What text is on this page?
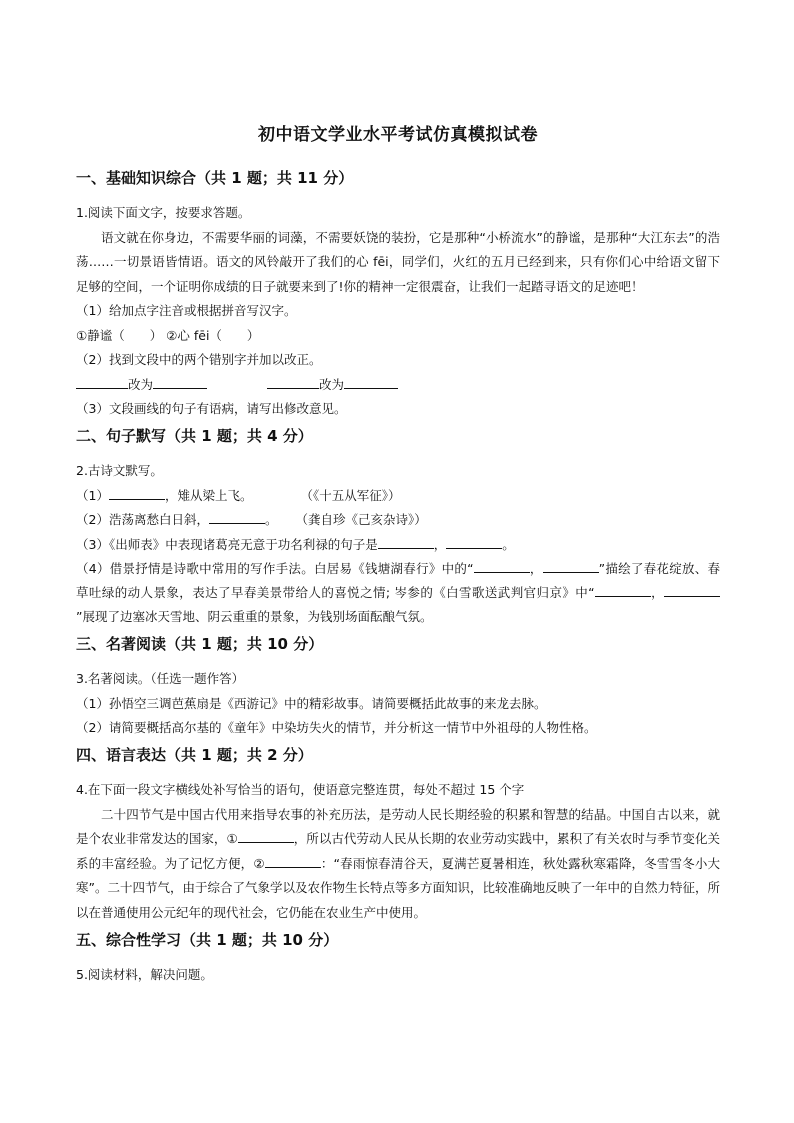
初中语文学业水平考试仿真模拟试卷
一、基础知识综合（共 1 题；共 11 分）

1.阅读下面文字，按要求答题。

语文就在你身边，不需要华丽的词藻，不需要妖饶的装扮，它是那种“小桥流水”的静谧，是那种“大江东去”的浩荡……一切景语皆情语。语文的风铃敲开了我们的心 fēi，同学们，火红的五月已经到来，只有你们心中给语文留下足够的空间，一个证明你成绩的日子就要来到了!你的精神一定很震奋，让我们一起踏寻语文的足迹吧！

（1）给加点字注音或根据拼音写汉字。

①静谧（　　） ②心 fēi（　　）

（2）找到文段中的两个错别字并加以改正。

改为	改为

（3）文段画线的句子有语病，请写出修改意见。

二、句子默写（共 1 题；共 4 分）

2.古诗文默写。

（1）	，雉从梁上飞。	（《十五从军征》）

（2）浩荡离愁白日斜，	。 （龚自珍《己亥杂诗》）

（3）《出师表》中表现诸葛亮无意于功名利禄的句子是	，	。

（4）借景抒情是诗歌中常用的写作手法。白居易《钱塘湖春行》中的“	，	”描绘了春花绽放、春草吐绿的动人景象，表达了早春美景带给人的喜悦之情; 岑参的《白雪歌送武判官归京》中“	，”展现了边塞冰天雪地、阴云重重的景象，为钱别场面酝酿气氛。

三、名著阅读（共 1 题；共 10 分）

3.名著阅读。（任选一题作答）

（1）孙悟空三调芭蕉扇是《西游记》中的精彩故事。请简要概括此故事的来龙去脉。

（2）请简要概括高尔基的《童年》中染坊失火的情节，并分析这一情节中外祖母的人物性格。

四、语言表达（共 1 题；共 2 分）

4.在下面一段文字横线处补写恰当的语句，使语意完整连贯，每处不超过 15 个字

二十四节气是中国古代用来指导农事的补充历法，是劳动人民长期经验的积累和智慧的结晶。中国自古以来，就是个农业非常发达的国家，①	，所以古代劳动人民从长期的农业劳动实践中，累积了有关农时与季节变化关系的丰富经验。为了记忆方便，②	：“春雨惊春清谷天，夏满芒夏暑相连，秋处露秋寒霜降，冬雪雪冬小大寒”。二十四节气，由于综合了气象学以及农作物生长特点等多方面知识，比较准确地反映了一年中的自然力特征，所以在普通使用公元纪年的现代社会，它仍能在农业生产中使用。

五、综合性学习（共 1 题；共 10 分）

5.阅读材料，解决问题。
